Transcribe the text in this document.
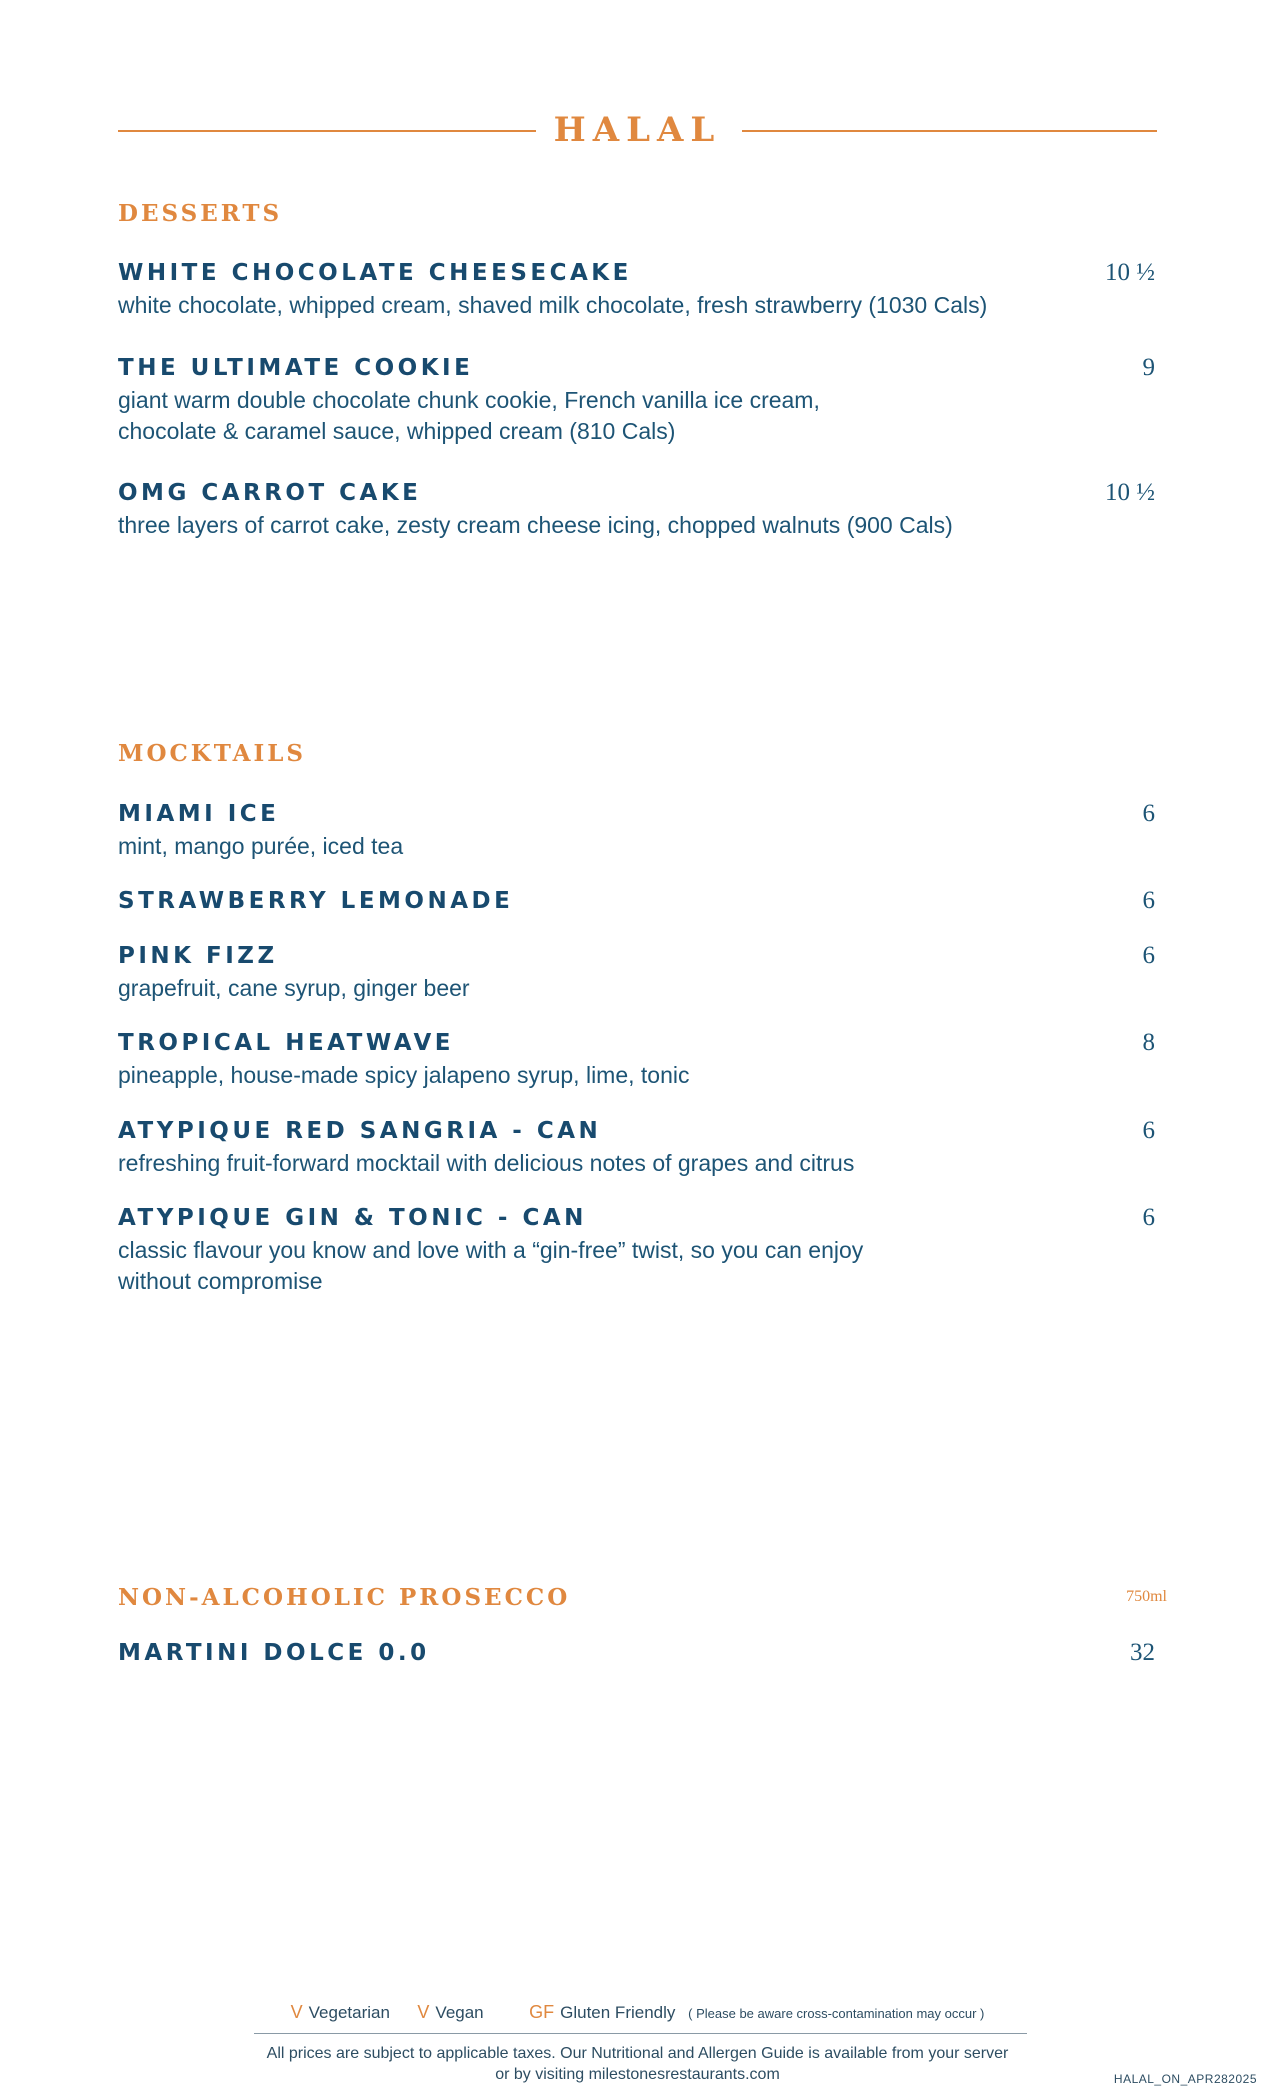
HALAL
DESSERTS
WHITE CHOCOLATE CHEESECAKE	10 ½
white chocolate, whipped cream, shaved milk chocolate, fresh strawberry (1030 Cals)
THE ULTIMATE COOKIE	9
giant warm double chocolate chunk cookie, French vanilla ice cream,
chocolate & caramel sauce, whipped cream (810 Cals)
OMG CARROT CAKE	10 ½
three layers of carrot cake, zesty cream cheese icing, chopped walnuts (900 Cals)
MOCKTAILS
MIAMI ICE	6
mint, mango purée, iced tea
STRAWBERRY LEMONADE	6
PINK FIZZ	6
grapefruit, cane syrup, ginger beer
TROPICAL HEATWAVE	8
pineapple, house-made spicy jalapeno syrup, lime, tonic
ATYPIQUE RED SANGRIA - CAN	6
refreshing fruit-forward mocktail with delicious notes of grapes and citrus
ATYPIQUE GIN & TONIC - CAN	6
classic flavour you know and love with a “gin-free” twist, so you can enjoy
without compromise
NON-ALCOHOLIC PROSECCO	750ml
MARTINI DOLCE 0.0	32
V Vegetarian V Vegan	GF Gluten Friendly ( Please be aware cross-contamination may occur )
All prices are subject to applicable taxes. Our Nutritional and Allergen Guide is available from your server
or by visiting milestonesrestaurants.com	HALAL_ON_APR282025
